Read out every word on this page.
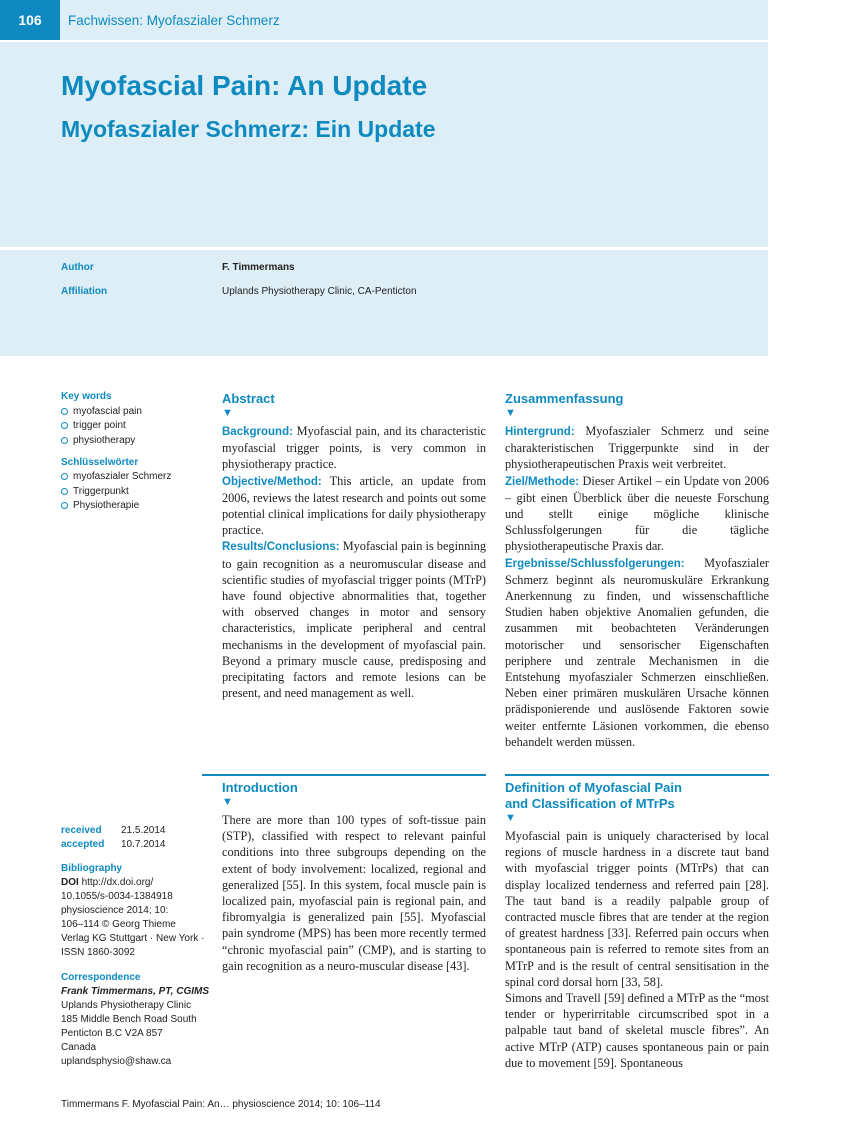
106	Fachwissen: Myofaszialer Schmerz
Myofascial Pain: An Update
Myofaszialer Schmerz: Ein Update
Author	F. Timmermans
Affiliation	Uplands Physiotherapy Clinic, CA-Penticton
Key words
myofascial pain
trigger point
physiotherapy
Schlüsselwörter
myofaszialer Schmerz
Triggerpunkt
Physiotherapie
Abstract
▼

Background: Myofascial pain, and its characteristic myofascial trigger points, is very common in physiotherapy practice.

Objective/Method: This article, an update from 2006, reviews the latest research and points out some potential clinical implications for daily physiotherapy practice.

Results/Conclusions: Myofascial pain is beginning to gain recognition as a neuromuscular disease and scientific studies of myofascial trigger points (MTrP) have found objective abnormalities that, together with observed changes in motor and sensory characteristics, implicate peripheral and central mechanisms in the development of myofascial pain. Beyond a primary muscle cause, predisposing and precipitating factors and remote lesions can be present, and need management as well.

Zusammenfassung
▼

Hintergrund: Myofaszialer Schmerz und seine charakteristischen Triggerpunkte sind in der physiotherapeutischen Praxis weit verbreitet.

Ziel/Methode: Dieser Artikel – ein Update von 2006 – gibt einen Überblick über die neueste Forschung und stellt einige mögliche klinische Schlussfolgerungen für die tägliche physiotherapeutische Praxis dar.

Ergebnisse/Schlussfolgerungen: Myofaszialer Schmerz beginnt als neuromuskuläre Erkrankung Anerkennung zu finden, und wissenschaftliche Studien haben objektive Anomalien gefunden, die zusammen mit beobachteten Veränderungen motorischer und sensorischer Eigenschaften periphere und zentrale Mechanismen in die Entstehung myofaszialer Schmerzen einschließen. Neben einer primären muskulären Ursache können prädisponierende und auslösende Faktoren sowie weiter entfernte Läsionen vorkommen, die ebenso behandelt werden müssen.

Introduction
▼

There are more than 100 types of soft-tissue pain (STP), classified with respect to relevant painful conditions into three subgroups depending on the extent of body involvement: localized, regional and generalized [55]. In this system, focal muscle pain is localized pain, myofascial pain is regional pain, and fibromyalgia is generalized pain [55]. Myofascial pain syndrome (MPS) has been more recently termed “chronic myofascial pain” (CMP), and is starting to gain recognition as a neuro-muscular disease [43].

Definition of Myofascial Pain
and Classification of MTrPs
▼

Myofascial pain is uniquely characterised by local regions of muscle hardness in a discrete taut band with myofascial trigger points (MTrPs) that can display localized tenderness and referred pain [28]. The taut band is a readily palpable group of contracted muscle fibres that are tender at the region of greatest hardness [33]. Referred pain occurs when spontaneous pain is referred to remote sites from an MTrP and is the result of central sensitisation in the spinal cord dorsal horn [33, 58].

Simons and Travell [59] defined a MTrP as the “most tender or hyperirritable circumscribed spot in a palpable taut band of skeletal muscle fibres”. An active MTrP (ATP) causes spontaneous pain or pain due to movement [59]. Spontaneous

received	21.5.2014
accepted	10.7.2014
Bibliography
DOI http://dx.doi.org/
10.1055/s-0034-1384918
physioscience 2014; 10:
106–114 © Georg Thieme
Verlag KG Stuttgart · New York ·
ISSN 1860-3092
Correspondence
Frank Timmermans, PT, CGIMS
Uplands Physiotherapy Clinic
185 Middle Bench Road South
Penticton B.C V2A 857
Canada
uplandsphysio@shaw.ca
Timmermans F. Myofascial Pain: An… physioscience 2014; 10: 106–114
